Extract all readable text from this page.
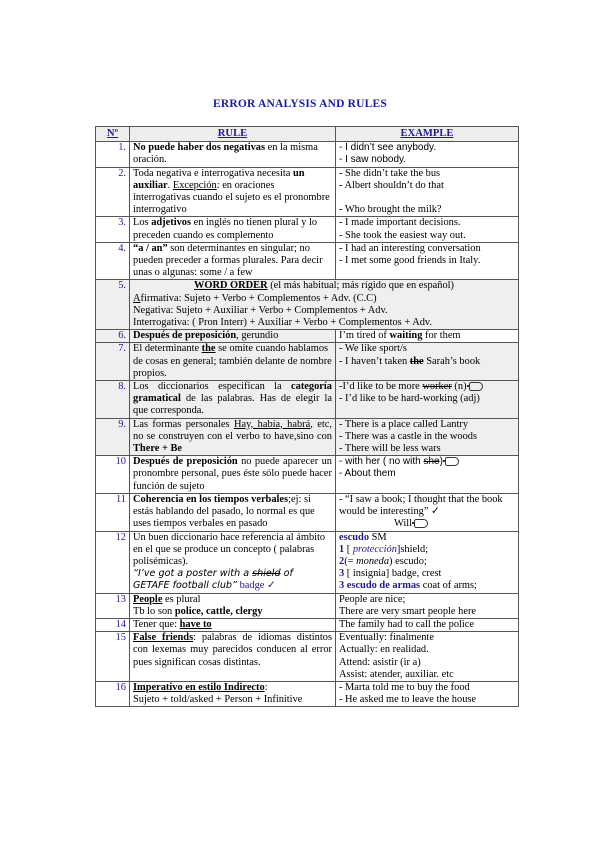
ERROR ANALYSIS AND RULES
Nº	RULE	EXAMPLE
1.	No puede haber dos negativas en la misma oración.	- I didn’t see anybody.
- I saw nobody.

2.	Toda negativa e interrogativa necesita un auxiliar. Excepción: en oraciones interrogativas cuando el sujeto es el pronombre interrogativo	- She didn’t take the bus
- Albert shouldn’t do that
- Who brought the milk?

3.	Los adjetivos en inglés no tienen plural y lo preceden cuando es complemento	- I made important decisions.
- She took the easiest way out.

4.	“a / an” son determinantes en singular; no pueden preceder a formas plurales. Para decir unas o algunas: some / a few	- I had an interesting conversation
- I met some good friends in Italy.

5.	WORD ORDER (el más habitual; más rígido que en español)
Afirmativa: Sujeto + Verbo + Complementos + Adv. (C.C)
Negativa: Sujeto + Auxiliar + Verbo + Complementos + Adv.
Interrogativa: ( Pron Interr) + Auxiliar + Verbo + Complementos + Adv.	

6.	Después de preposición, gerundio	I’m tired of waiting for them
7.	El determinante the se omite cuando hablamos de cosas en general; también delante de nombre propios.	- We like sport/s
- I haven’t taken the Sarah’s book

8.	Los diccionarios especifican la categoría gramatical de las palabras. Has de elegir la que corresponda.	-I’d like to be more worker (n)
- I’d like to be hard-working (adj)

9.	Las formas personales Hay, había, habrá, etc, no se construyen con el verbo to have,sino con There + Be	- There is a place called Lantry
- There was a castle in the woods
- There will be less wars

10	Después de preposición no puede aparecer un pronombre personal, pues éste sólo puede hacer función de sujeto	- with her ( no with she)
- About them

11	Coherencia en los tiempos verbales;ej: si estás hablando del pasado, lo normal es que uses tiempos verbales en pasado	- “I saw a book; I thought that the book would be interesting” ✓
Will

12	Un buen diccionario hace referencia al ámbito en el que se produce un concepto ( palabras polisémicas).
“I’ve got a poster with a shield of GETAFE football club” badge ✓	escudo SM
1 [ protección]shield;
2(= moneda) escudo;
3 [ insignia] badge, crest
3 escudo de armas coat of arms;

13	People es plural
Tb lo son police, cattle, clergy	People are nice;
There are very smart people here

14	Tener que: have to	The family had to call the police
15	False friends: palabras de idiomas distintos con lexemas muy parecidos conducen al error pues significan cosas distintas.	Eventually: finalmente
Actually: en realidad.
Attend: asistir (ir a)
Assist: atender, auxiliar. etc

16	Imperativo en estilo Indirecto:
Sujeto + told/asked + Person + Infinitive	- Marta told me to buy the food
- He asked me to leave the house
